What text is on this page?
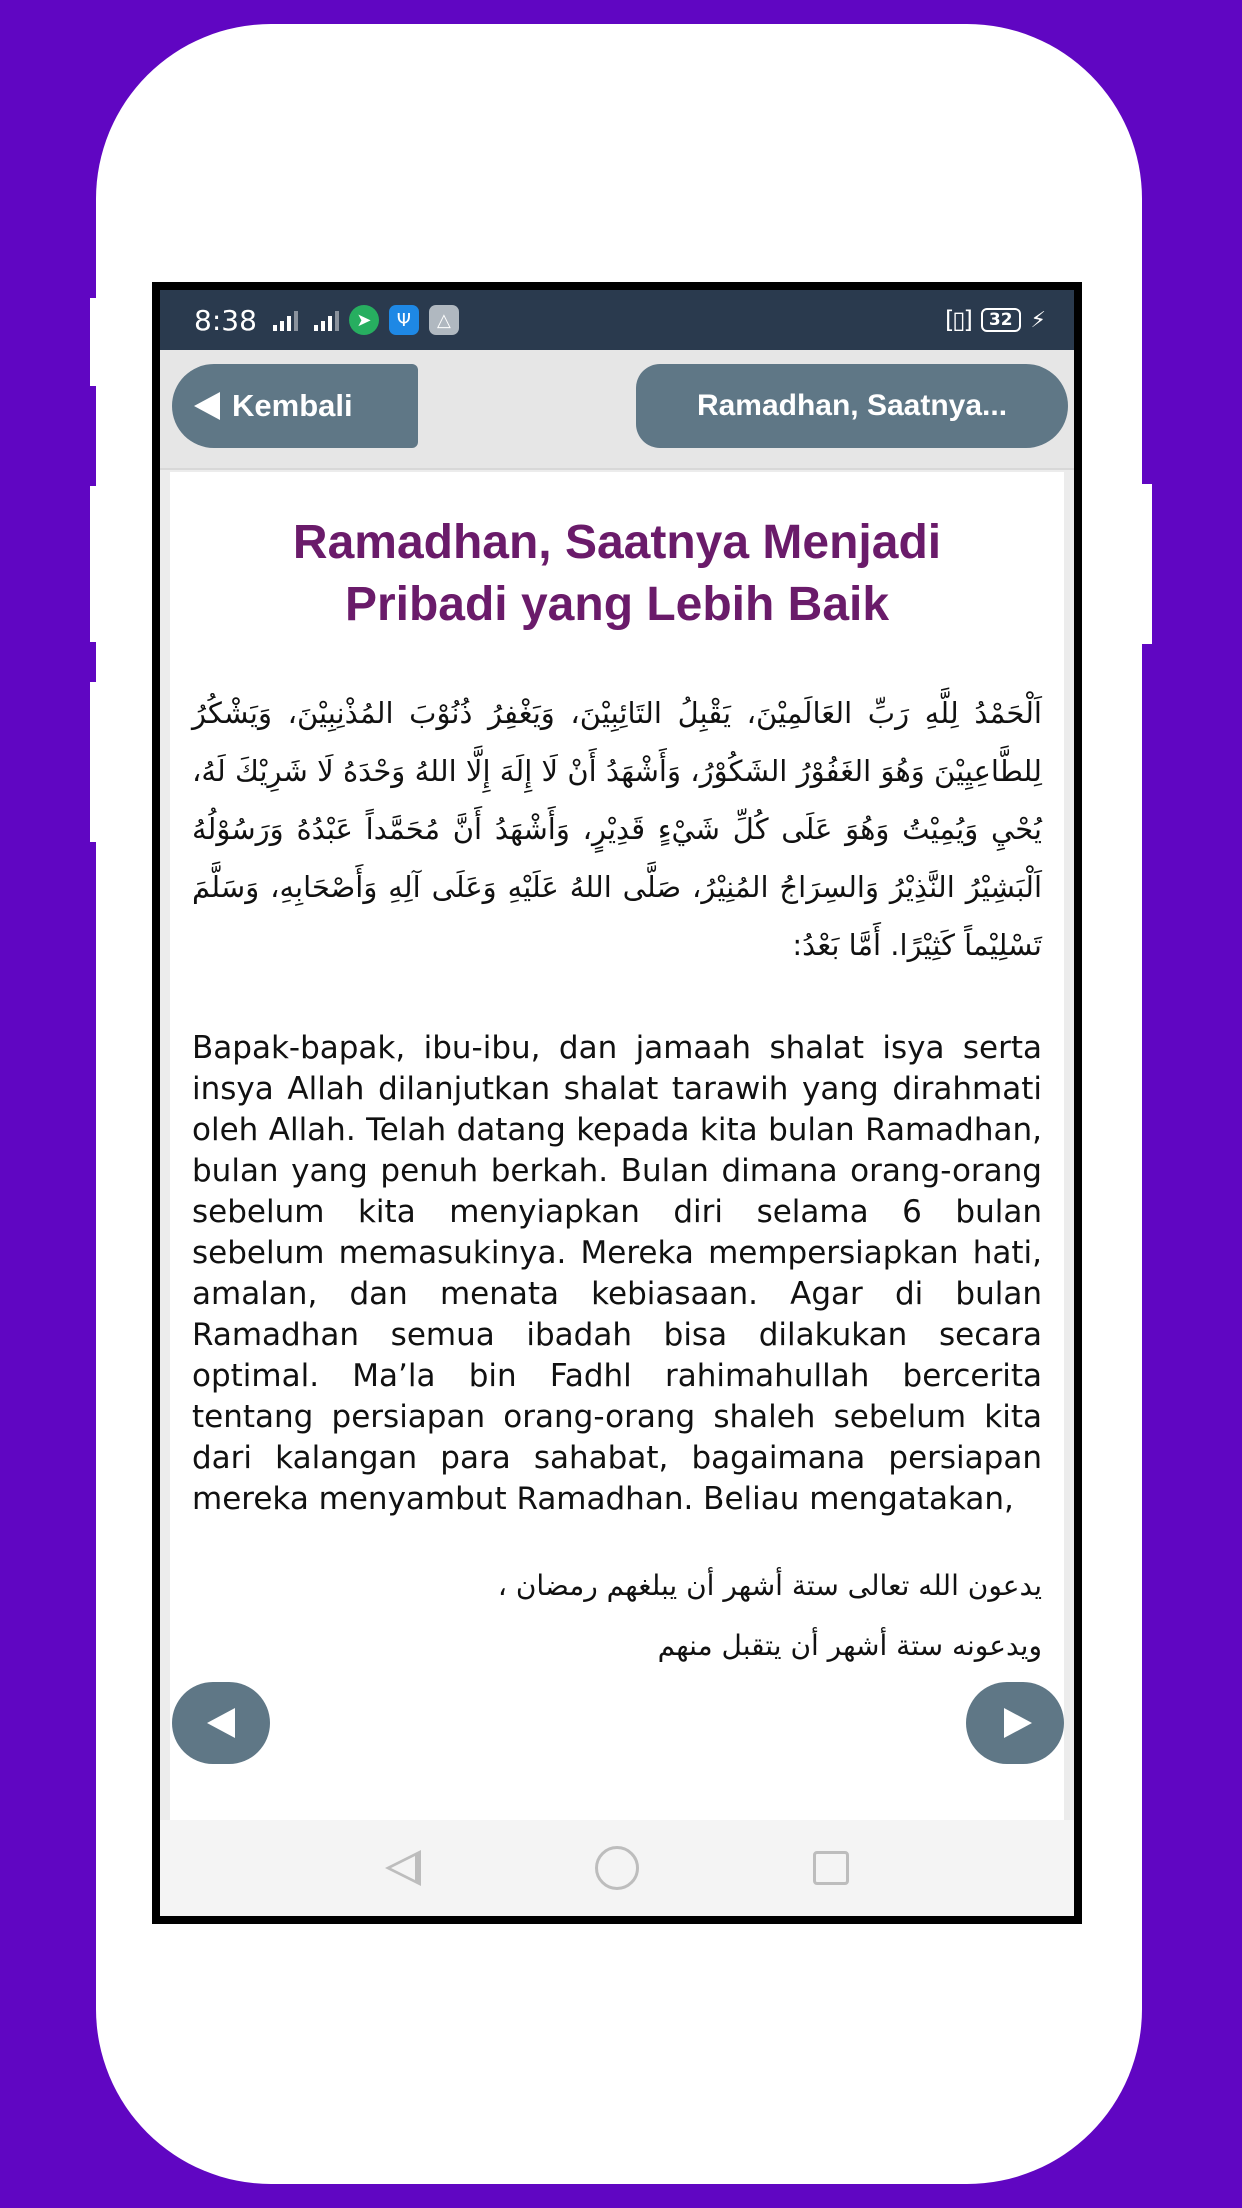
8:38	➤	Ψ	△	[▯]	32 ⚡
Kembali	Ramadhan, Saatnya...
Ramadhan, Saatnya Menjadi Pribadi yang Lebih Baik

اَلْحَمْدُ لِلَّهِ رَبِّ العَالَمِيْنَ، يَقْبِلُ التَائِبِيْنَ، وَيَغْفِرُ ذُنُوْبَ المُذْنِبِيْنَ، وَيَشْكُرُ لِلطَّاعِيِيْنَ وَهُوَ الغَفُوْرُ الشَكُوْرُ، وَأَشْهَدُ أَنْ لَا إِلَهَ إِلَّا اللهُ وَحْدَهُ لَا شَرِيْكَ لَهُ، يُحْيِ وَيُمِيْتُ وَهُوَ عَلَى كُلِّ شَيْءٍ قَدِيْرٍ، وَأَشْهَدُ أَنَّ مُحَمَّداً عَبْدُهُ وَرَسُوْلُهُ اَلْبَشِيْرُ النَّذِيْرُ وَالسِرَاجُ المُنِيْرُ، صَلَّى اللهُ عَلَيْهِ وَعَلَى آلِهِ وَأَصْحَابِهِ، وَسَلَّمَ تَسْلِيْماً كَثِيْرًا. أَمَّا بَعْدُ:

Bapak-bapak, ibu-ibu, dan jamaah shalat isya serta insya Allah dilanjutkan shalat tarawih yang dirahmati oleh Allah. Telah datang kepada kita bulan Ramadhan, bulan yang penuh berkah. Bulan dimana orang-orang sebelum kita menyiapkan diri selama 6 bulan sebelum memasukinya. Mereka mempersiapkan hati, amalan, dan menata kebiasaan. Agar di bulan Ramadhan semua ibadah bisa dilakukan secara optimal. Ma’la bin Fadhl rahimahullah bercerita tentang persiapan orang-orang shaleh sebelum kita dari kalangan para sahabat, bagaimana persiapan mereka menyambut Ramadhan. Beliau mengatakan,

يدعون الله تعالى ستة أشهر أن يبلغهم رمضان ،

ويدعونه ستة أشهر أن يتقبل منهم
